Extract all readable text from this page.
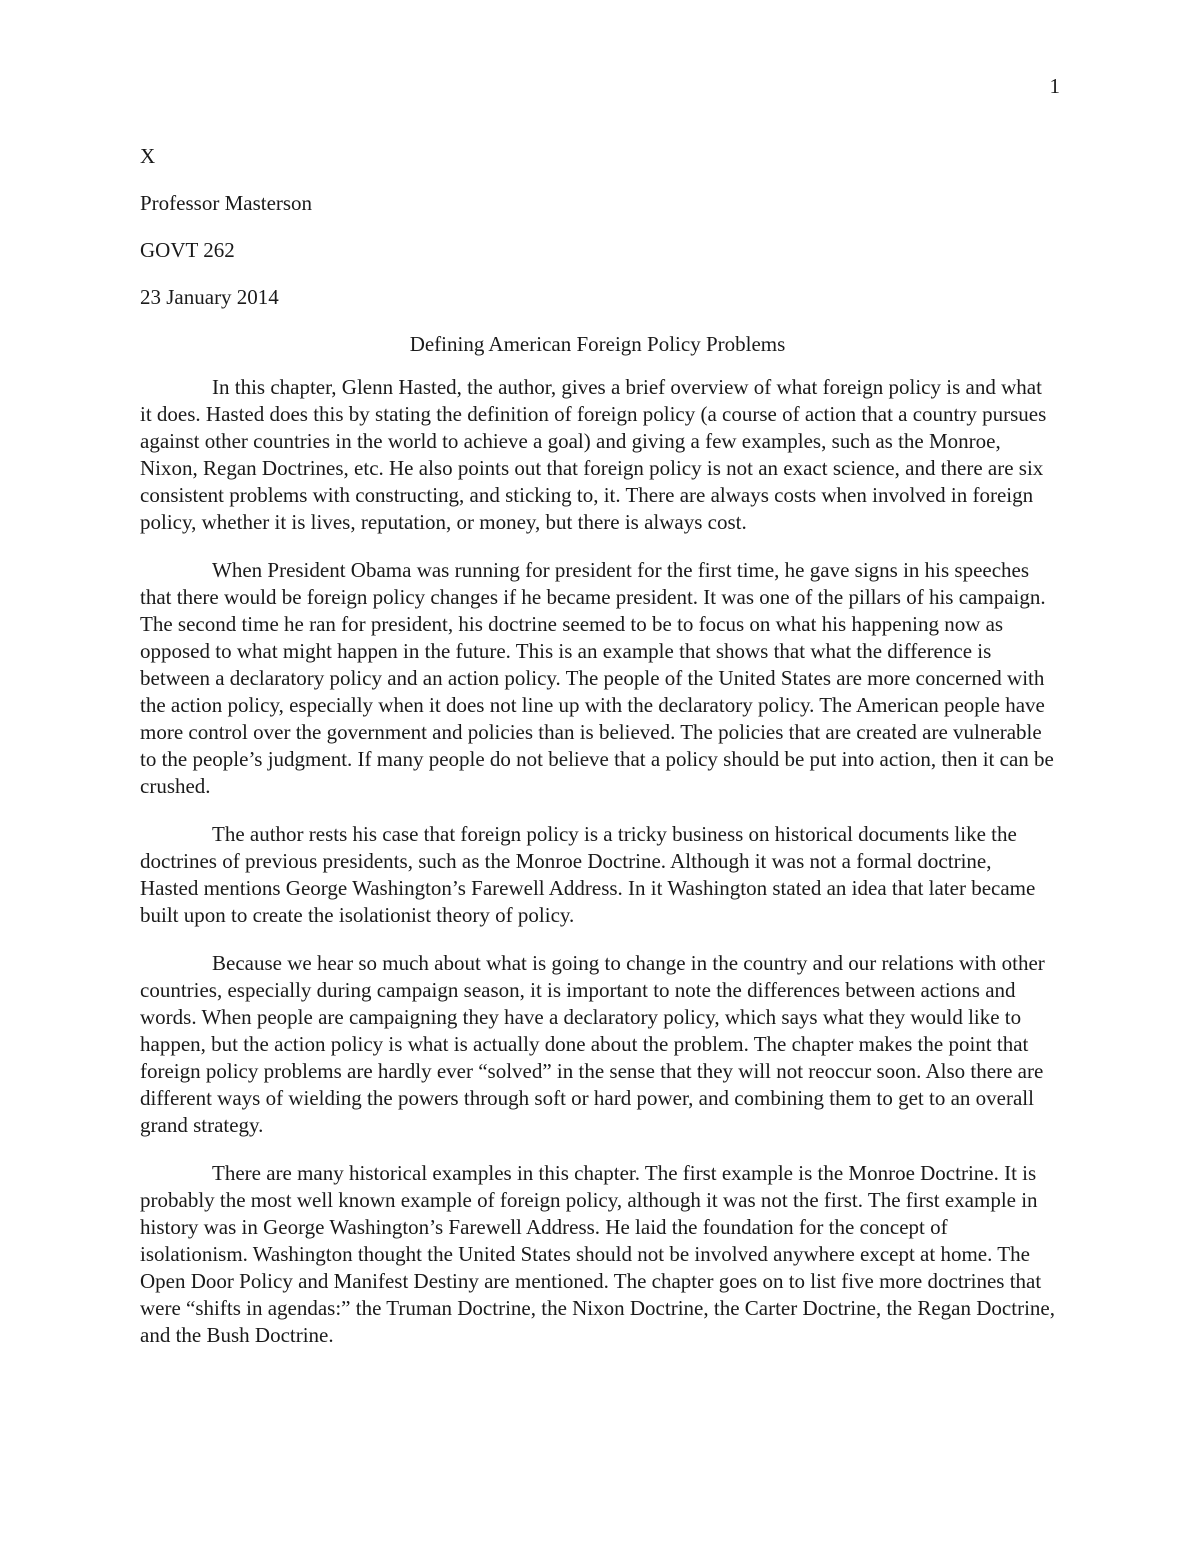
1

X

Professor Masterson

GOVT 262

23 January 2014

Defining American Foreign Policy Problems

In this chapter, Glenn Hasted, the author, gives a brief overview of what foreign policy is and what it does. Hasted does this by stating the definition of foreign policy (a course of action that a country pursues against other countries in the world to achieve a goal) and giving a few examples, such as the Monroe, Nixon, Regan Doctrines, etc. He also points out that foreign policy is not an exact science, and there are six consistent problems with constructing, and sticking to, it. There are always costs when involved in foreign policy, whether it is lives, reputation, or money, but there is always cost.

When President Obama was running for president for the first time, he gave signs in his speeches that there would be foreign policy changes if he became president. It was one of the pillars of his campaign. The second time he ran for president, his doctrine seemed to be to focus on what his happening now as opposed to what might happen in the future. This is an example that shows that what the difference is between a declaratory policy and an action policy. The people of the United States are more concerned with the action policy, especially when it does not line up with the declaratory policy. The American people have more control over the government and policies than is believed. The policies that are created are vulnerable to the people’s judgment. If many people do not believe that a policy should be put into action, then it can be crushed.

The author rests his case that foreign policy is a tricky business on historical documents like the doctrines of previous presidents, such as the Monroe Doctrine. Although it was not a formal doctrine, Hasted mentions George Washington’s Farewell Address. In it Washington stated an idea that later became built upon to create the isolationist theory of policy.

Because we hear so much about what is going to change in the country and our relations with other countries, especially during campaign season, it is important to note the differences between actions and words. When people are campaigning they have a declaratory policy, which says what they would like to happen, but the action policy is what is actually done about the problem. The chapter makes the point that foreign policy problems are hardly ever “solved” in the sense that they will not reoccur soon. Also there are different ways of wielding the powers through soft or hard power, and combining them to get to an overall grand strategy.

There are many historical examples in this chapter. The first example is the Monroe Doctrine. It is probably the most well known example of foreign policy, although it was not the first. The first example in history was in George Washington’s Farewell Address. He laid the foundation for the concept of isolationism. Washington thought the United States should not be involved anywhere except at home. The Open Door Policy and Manifest Destiny are mentioned. The chapter goes on to list five more doctrines that were “shifts in agendas:” the Truman Doctrine, the Nixon Doctrine, the Carter Doctrine, the Regan Doctrine, and the Bush Doctrine.
